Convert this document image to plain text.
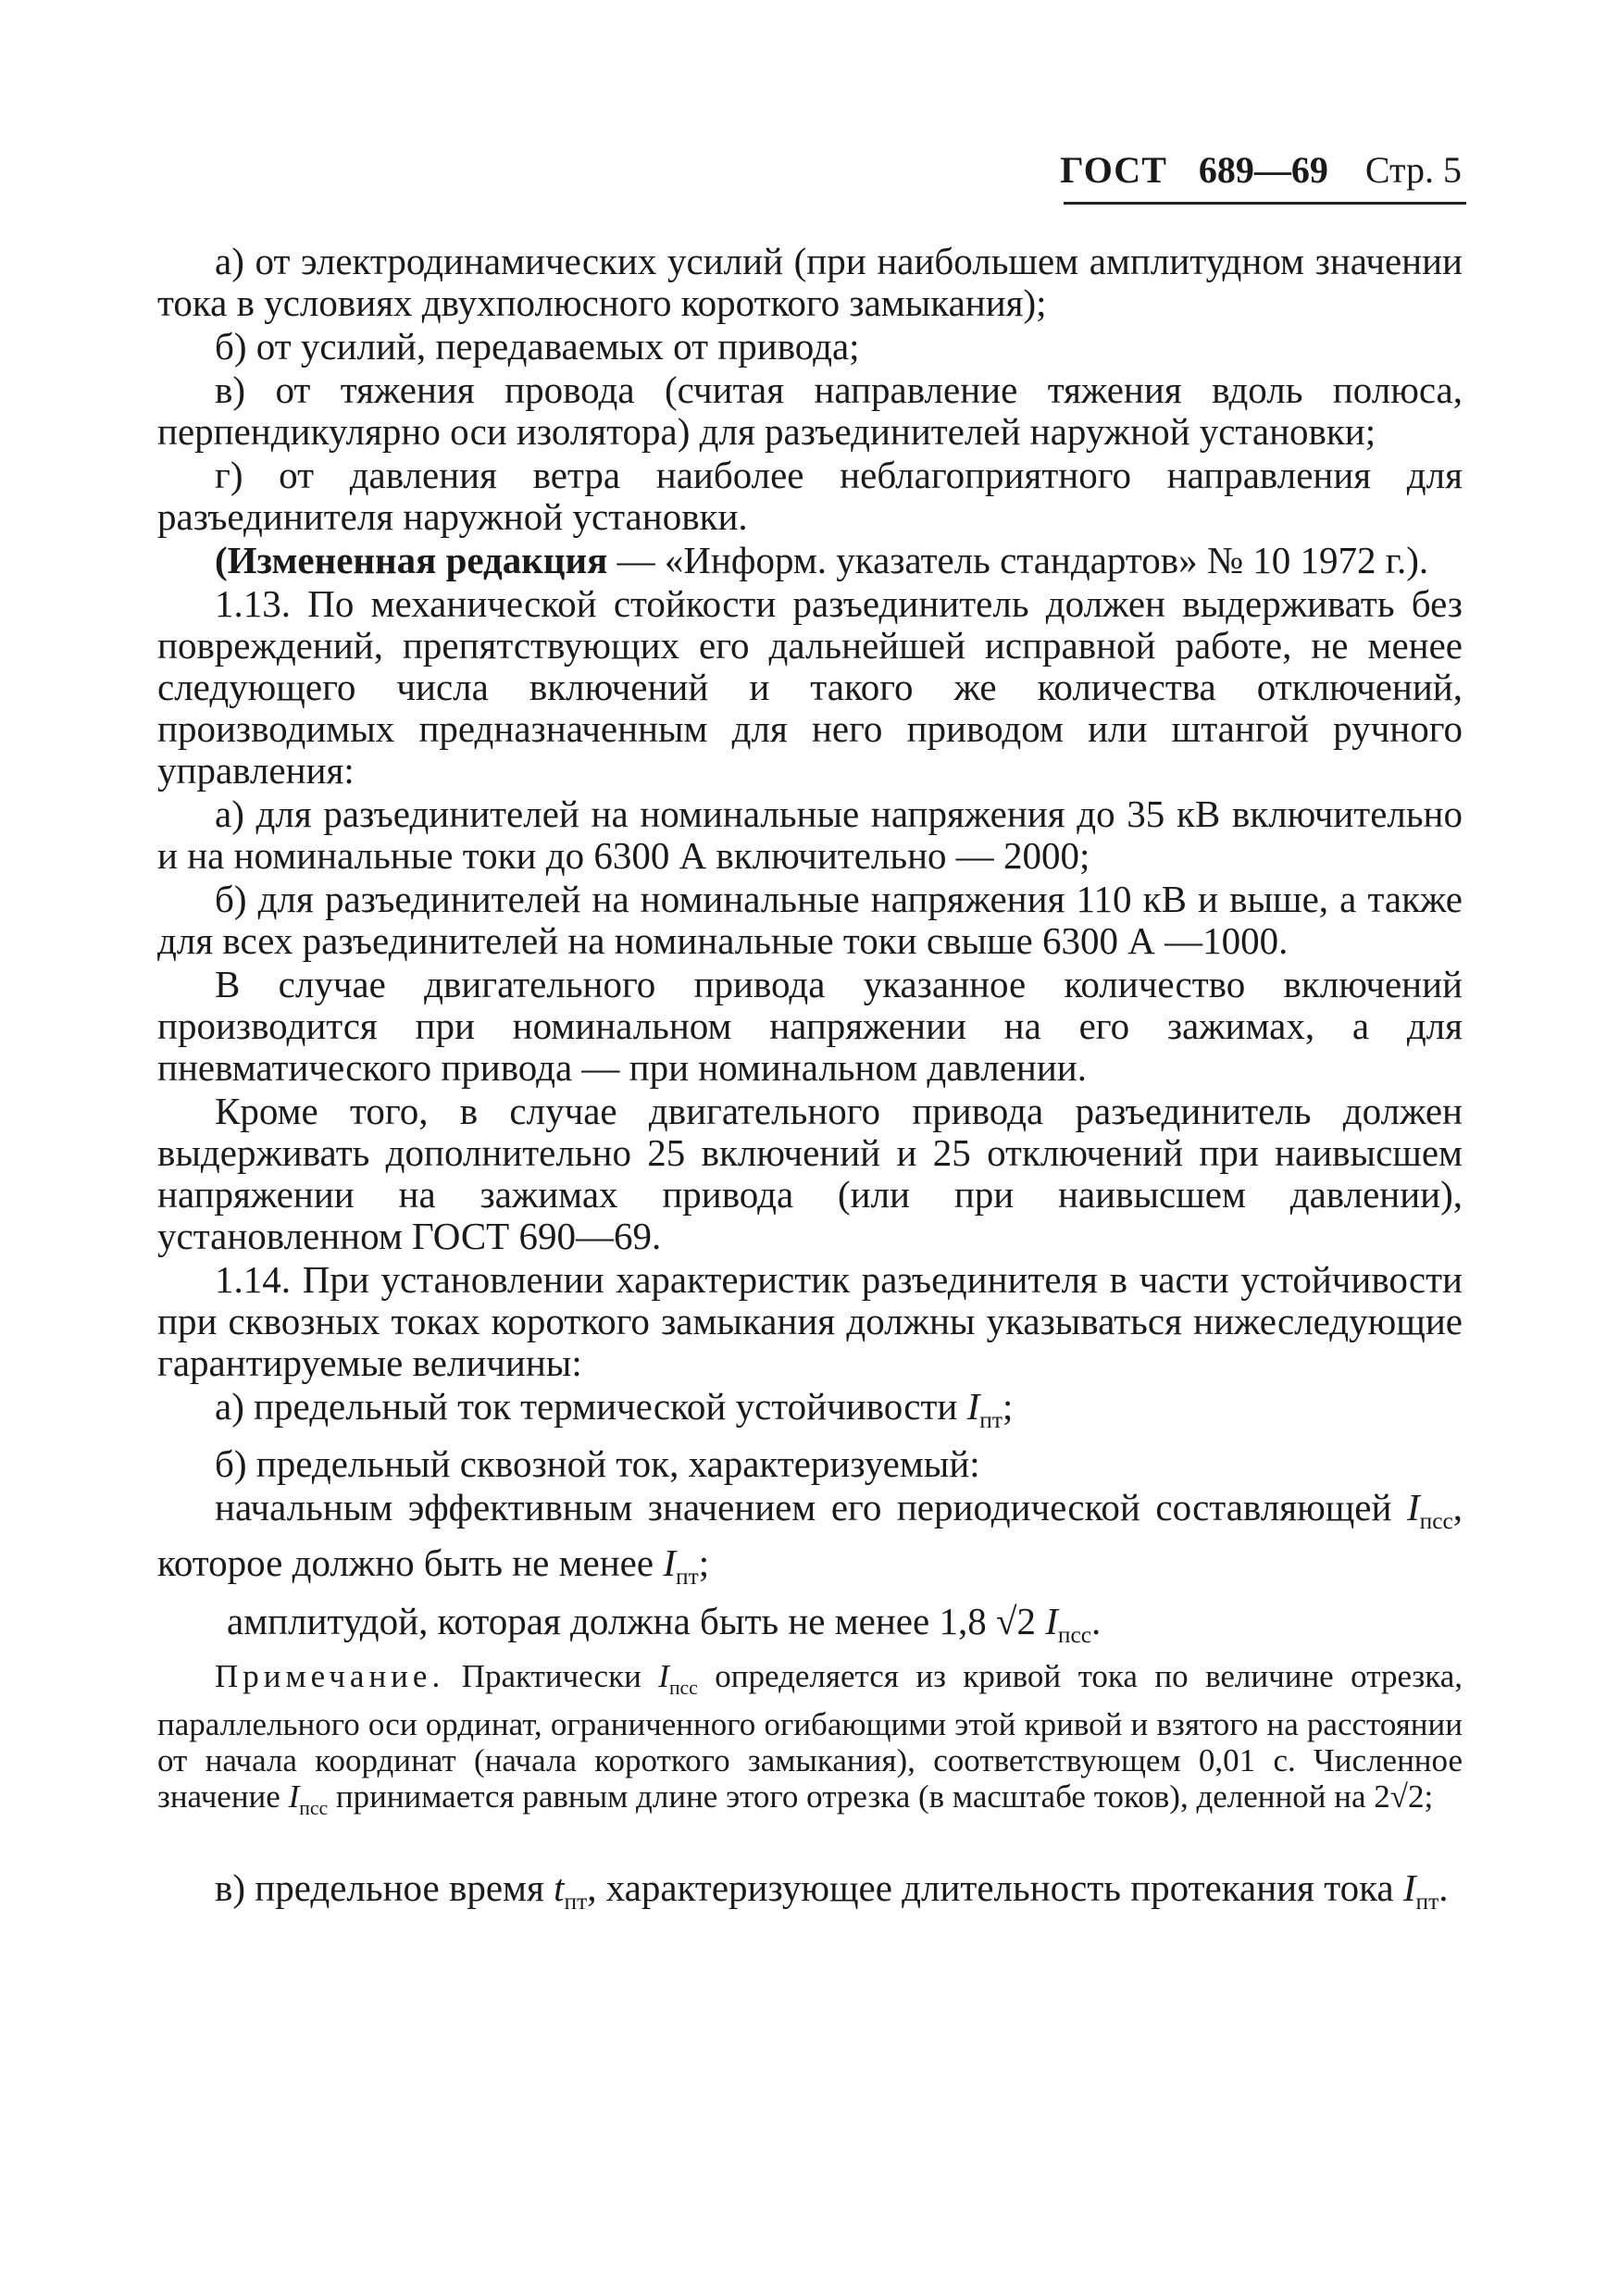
ГОСТ 689—69 Стр. 5

а) от электродинамических усилий (при наибольшем амплитудном значении тока в условиях двухполюсного короткого замыкания);

б) от усилий, передаваемых от привода;

в) от тяжения провода (считая направление тяжения вдоль полюса, перпендикулярно оси изолятора) для разъединителей наружной установки;

г) от давления ветра наиболее неблагоприятного направления для разъединителя наружной установки.

(Измененная редакция — «Информ. указатель стандартов» № 10 1972 г.).

1.13. По механической стойкости разъединитель должен выдерживать без повреждений, препятствующих его дальнейшей исправной работе, не менее следующего числа включений и такого же количества отключений, производимых предназначенным для него приводом или штангой ручного управления:

а) для разъединителей на номинальные напряжения до 35 кВ включительно и на номинальные токи до 6300 А включительно — 2000;

б) для разъединителей на номинальные напряжения 110 кВ и выше, а также для всех разъединителей на номинальные токи свыше 6300 А —1000.

В случае двигательного привода указанное количество включений производится при номинальном напряжении на его зажимах, а для пневматического привода — при номинальном давлении.

Кроме того, в случае двигательного привода разъединитель должен выдерживать дополнительно 25 включений и 25 отключений при наивысшем напряжении на зажимах привода (или при наивысшем давлении), установленном ГОСТ 690—69.

1.14. При установлении характеристик разъединителя в части устойчивости при сквозных токах короткого замыкания должны указываться нижеследующие гарантируемые величины:

а) предельный ток термической устойчивости $I_{пт}$;

б) предельный сквозной ток, характеризуемый:

начальным эффективным значением его периодической составляющей $I_{псс}$, которое должно быть не менее $I_{пт}$;

амплитудой, которая должна быть не менее 1,8 √2 $I_{псс}$.

Примечание. Практически $I_{псс}$ определяется из кривой тока по величине отрезка, параллельного оси ординат, ограниченного огибающими этой кривой и взятого на расстоянии от начала координат (начала короткого замыкания), соответствующем 0,01 с. Численное значение $I_{псс}$ принимается равным длине этого отрезка (в масштабе токов), деленной на 2√2;

в) предельное время $t_{пт}$, характеризующее длительность протекания тока $I_{пт}$.
